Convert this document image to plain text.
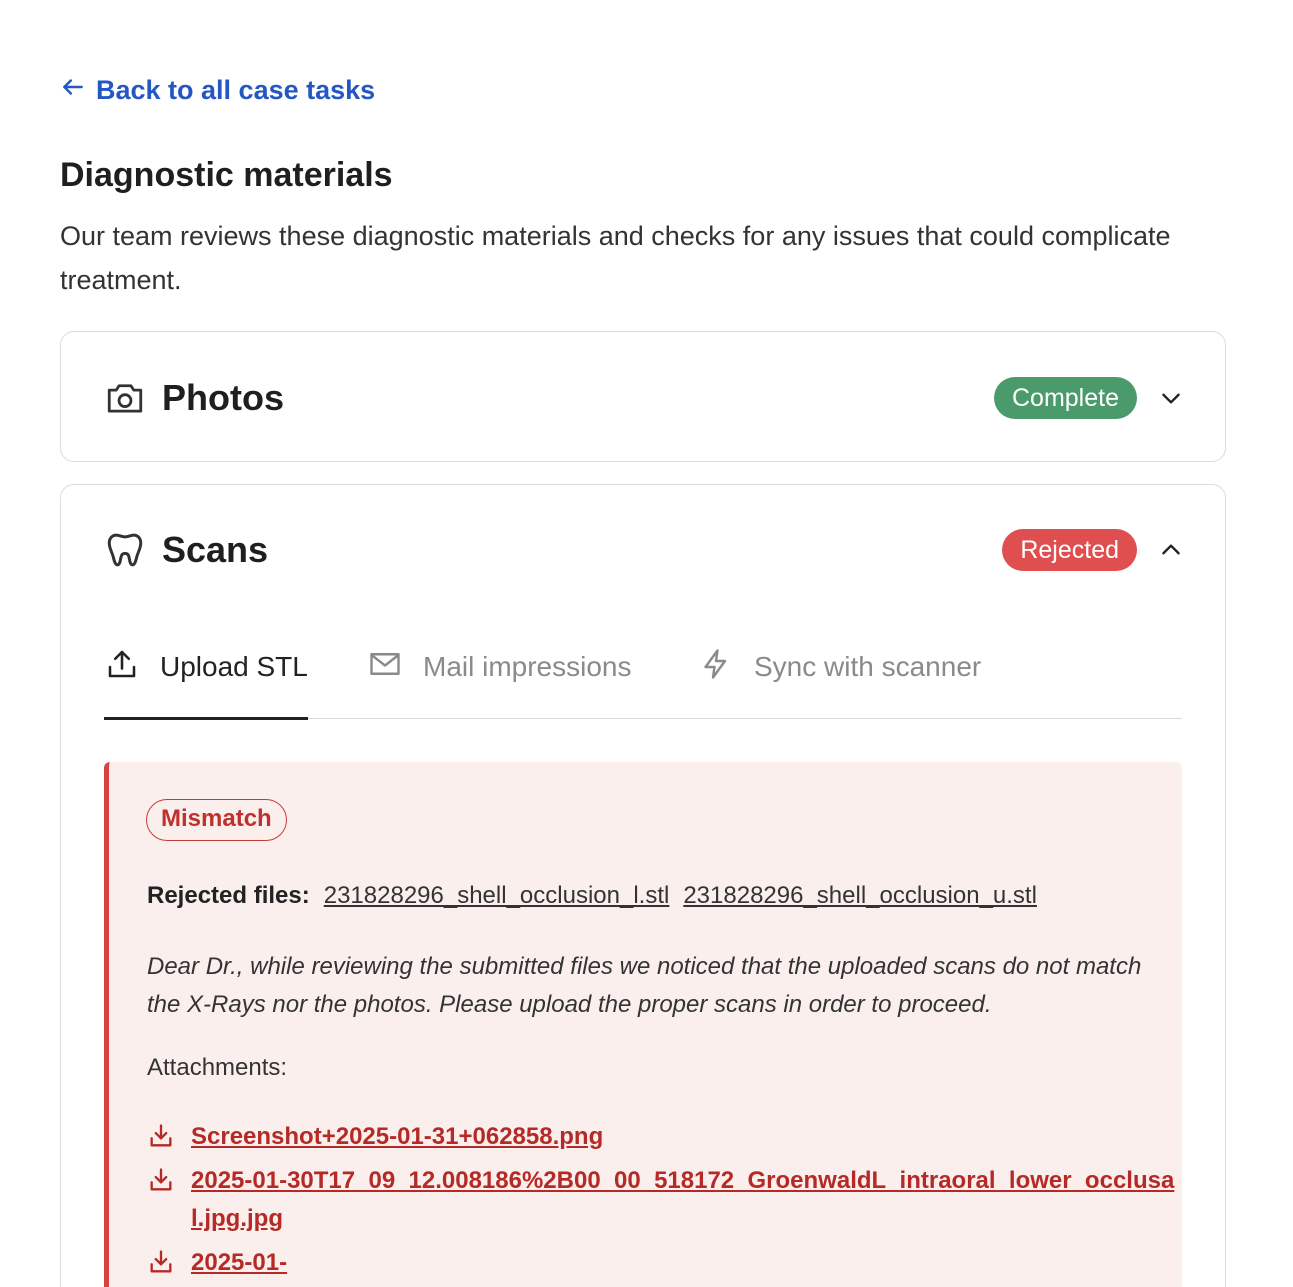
Back to all case tasks
Diagnostic materials

Our team reviews these diagnostic materials and checks for any issues that could complicate treatment.

Photos	Complete
Scans	Rejected
Upload STL	Mail impressions	Sync with scanner
Mismatch
Rejected files: 231828296_shell_occlusion_l.stl 231828296_shell_occlusion_u.stl

Dear Dr., while reviewing the submitted files we noticed that the uploaded scans do not match the X-Rays nor the photos. Please upload the proper scans in order to proceed.

Attachments:
Screenshot+2025-01-31+062858.png
2025-01-30T17_09_12.008186%2B00_00_518172_GroenwaldL_intraoral_lower_occlusal.jpg.jpg
2025-01-
